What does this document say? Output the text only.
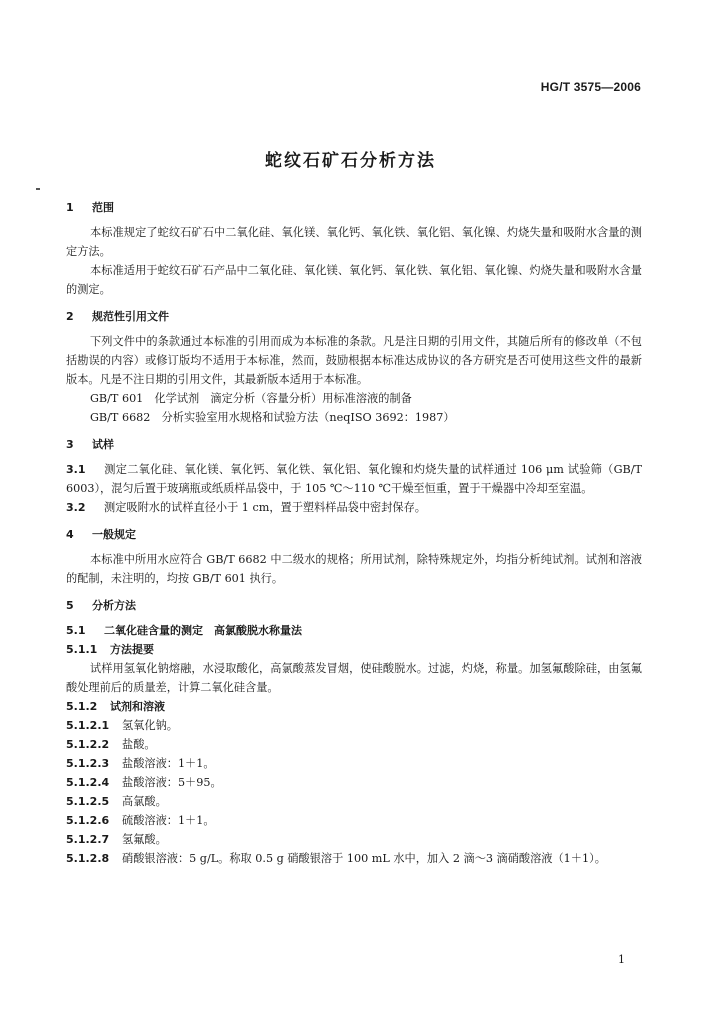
HG/T 3575—2006
蛇纹石矿石分析方法

1 范围

本标准规定了蛇纹石矿石中二氧化硅、氧化镁、氧化钙、氧化铁、氧化铝、氧化镍、灼烧失量和吸附水含量的测定方法。

本标准适用于蛇纹石矿石产品中二氧化硅、氧化镁、氧化钙、氧化铁、氧化铝、氧化镍、灼烧失量和吸附水含量的测定。

2 规范性引用文件

下列文件中的条款通过本标准的引用而成为本标准的条款。凡是注日期的引用文件，其随后所有的修改单（不包括勘误的内容）或修订版均不适用于本标准，然而，鼓励根据本标准达成协议的各方研究是否可使用这些文件的最新版本。凡是不注日期的引用文件，其最新版本适用于本标准。

GB/T 601　化学试剂　滴定分析（容量分析）用标准溶液的制备

GB/T 6682　分析实验室用水规格和试验方法（neqISO 3692：1987）

3 试样

3.1 测定二氧化硅、氧化镁、氧化钙、氧化铁、氧化铝、氧化镍和灼烧失量的试样通过 106 μm 试验筛（GB/T 6003），混匀后置于玻璃瓶或纸质样品袋中，于 105 ℃～110 ℃干燥至恒重，置于干燥器中冷却至室温。

3.2 测定吸附水的试样直径小于 1 cm，置于塑料样品袋中密封保存。

4 一般规定

本标准中所用水应符合 GB/T 6682 中二级水的规格；所用试剂，除特殊规定外，均指分析纯试剂。试剂和溶液的配制，未注明的，均按 GB/T 601 执行。

5 分析方法

5.1 二氧化硅含量的测定　高氯酸脱水称量法

5.1.1 方法提要

试样用氢氧化钠熔融，水浸取酸化，高氯酸蒸发冒烟，使硅酸脱水。过滤，灼烧，称量。加氢氟酸除硅，由氢氟酸处理前后的质量差，计算二氧化硅含量。

5.1.2 试剂和溶液

5.1.2.1 氢氧化钠。

5.1.2.2 盐酸。

5.1.2.3 盐酸溶液：1＋1。

5.1.2.4 盐酸溶液：5＋95。

5.1.2.5 高氯酸。

5.1.2.6 硫酸溶液：1＋1。

5.1.2.7 氢氟酸。

5.1.2.8 硝酸银溶液：5 g/L。称取 0.5 g 硝酸银溶于 100 mL 水中，加入 2 滴～3 滴硝酸溶液（1＋1）。

1
